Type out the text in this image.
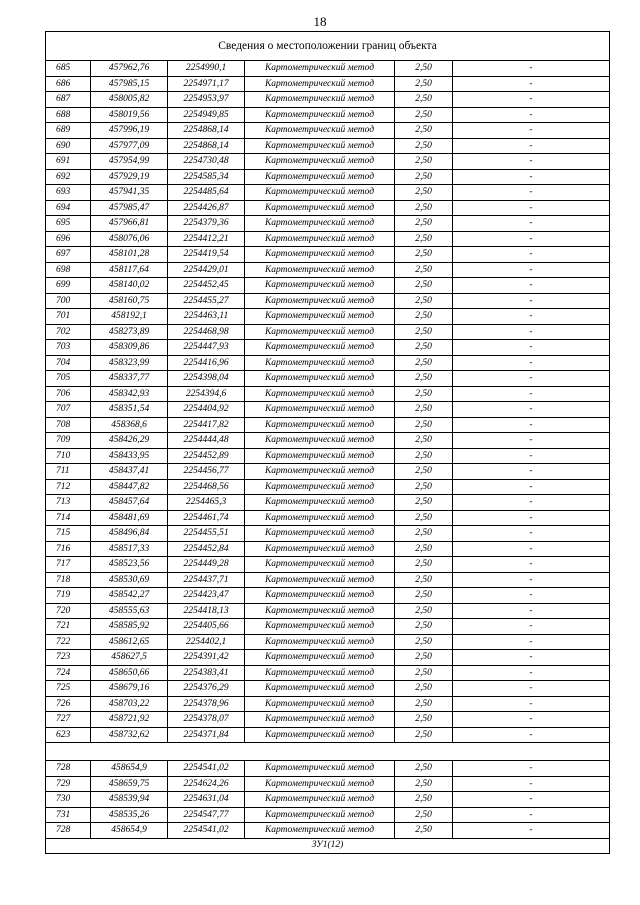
18
Сведения о местоположении границ объекта					
685	457962,76	2254990,1	Картометрический метод	2,50	-
686	457985,15	2254971,17	Картометрический метод	2,50	-
687	458005,82	2254953,97	Картометрический метод	2,50	-
688	458019,56	2254949,85	Картометрический метод	2,50	-
689	457996,19	2254868,14	Картометрический метод	2,50	-
690	457977,09	2254868,14	Картометрический метод	2,50	-
691	457954,99	2254730,48	Картометрический метод	2,50	-
692	457929,19	2254585,34	Картометрический метод	2,50	-
693	457941,35	2254485,64	Картометрический метод	2,50	-
694	457985,47	2254426,87	Картометрический метод	2,50	-
695	457966,81	2254379,36	Картометрический метод	2,50	-
696	458076,06	2254412,21	Картометрический метод	2,50	-
697	458101,28	2254419,54	Картометрический метод	2,50	-
698	458117,64	2254429,01	Картометрический метод	2,50	-
699	458140,02	2254452,45	Картометрический метод	2,50	-
700	458160,75	2254455,27	Картометрический метод	2,50	-
701	458192,1	2254463,11	Картометрический метод	2,50	-
702	458273,89	2254468,98	Картометрический метод	2,50	-
703	458309,86	2254447,93	Картометрический метод	2,50	-
704	458323,99	2254416,96	Картометрический метод	2,50	-
705	458337,77	2254398,04	Картометрический метод	2,50	-
706	458342,93	2254394,6	Картометрический метод	2,50	-
707	458351,54	2254404,92	Картометрический метод	2,50	-
708	458368,6	2254417,82	Картометрический метод	2,50	-
709	458426,29	2254444,48	Картометрический метод	2,50	-
710	458433,95	2254452,89	Картометрический метод	2,50	-
711	458437,41	2254456,77	Картометрический метод	2,50	-
712	458447,82	2254468,56	Картометрический метод	2,50	-
713	458457,64	2254465,3	Картометрический метод	2,50	-
714	458481,69	2254461,74	Картометрический метод	2,50	-
715	458496,84	2254455,51	Картометрический метод	2,50	-
716	458517,33	2254452,84	Картометрический метод	2,50	-
717	458523,56	2254449,28	Картометрический метод	2,50	-
718	458530,69	2254437,71	Картометрический метод	2,50	-
719	458542,27	2254423,47	Картометрический метод	2,50	-
720	458555,63	2254418,13	Картометрический метод	2,50	-
721	458585,92	2254405,66	Картометрический метод	2,50	-
722	458612,65	2254402,1	Картометрический метод	2,50	-
723	458627,5	2254391,42	Картометрический метод	2,50	-
724	458650,66	2254383,41	Картометрический метод	2,50	-
725	458679,16	2254376,29	Картометрический метод	2,50	-
726	458703,22	2254378,96	Картометрический метод	2,50	-
727	458721,92	2254378,07	Картометрический метод	2,50	-
623	458732,62	2254371,84	Картометрический метод	2,50	-

728	458654,9	2254541,02	Картометрический метод	2,50	-
729	458659,75	2254624,26	Картометрический метод	2,50	-
730	458539,94	2254631,04	Картометрический метод	2,50	-
731	458535,26	2254547,77	Картометрический метод	2,50	-
728	458654,9	2254541,02	Картометрический метод	2,50	-
ЗУ1(12)					
